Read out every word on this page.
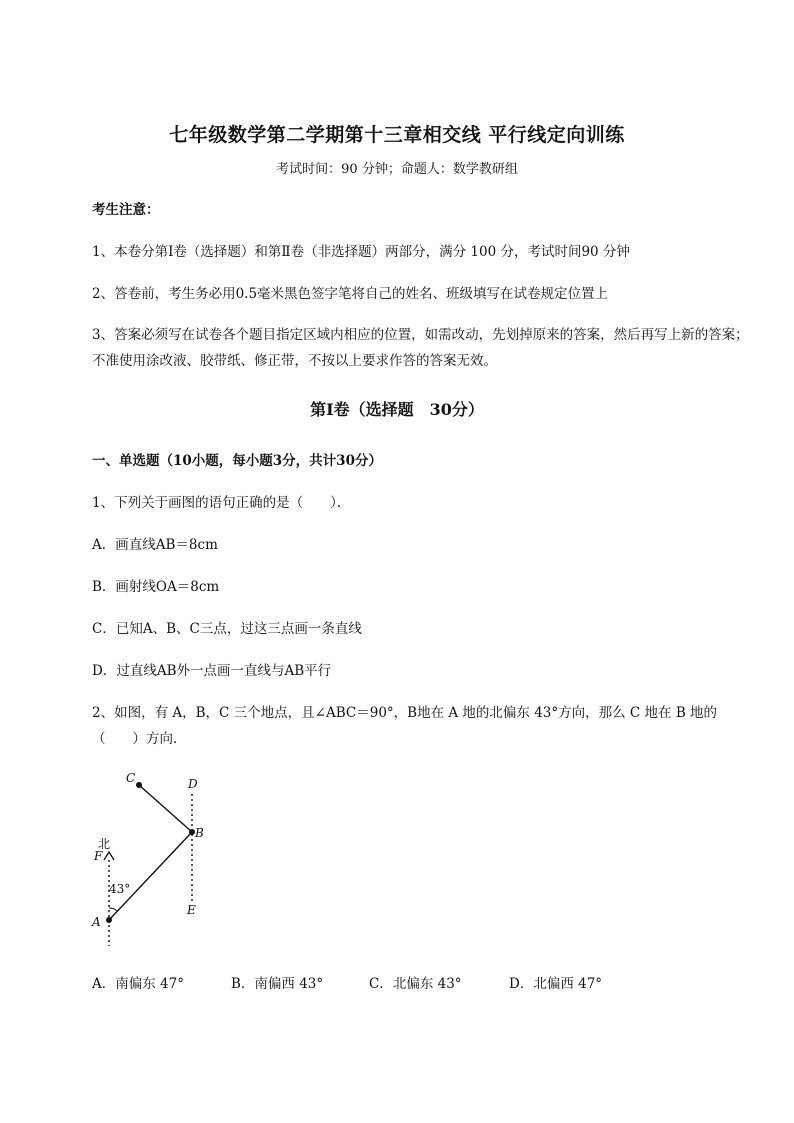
七年级数学第二学期第十三章相交线 平行线定向训练
考试时间：90 分钟；命题人：数学教研组
考生注意：
1、本卷分第Ⅰ卷（选择题）和第Ⅱ卷（非选择题）两部分，满分 100 分，考试时间90 分钟
2、答卷前，考生务必用0.5毫米黑色签字笔将自己的姓名、班级填写在试卷规定位置上
3、答案必须写在试卷各个题目指定区域内相应的位置，如需改动，先划掉原来的答案，然后再写上新的答案；不准使用涂改液、胶带纸、修正带，不按以上要求作答的答案无效。
第Ⅰ卷（选择题　30分）
一、单选题（10小题，每小题3分，共计30分）
1、下列关于画图的语句正确的是（　　）．
A．画直线AB＝8cm
B．画射线OA＝8cm
C．已知A、B、C三点，过这三点画一条直线
D．过直线AB外一点画一直线与AB平行
2、如图，有 A，B，C 三个地点，且∠ABC＝90°，B地在 A 地的北偏东 43°方向，那么 C 地在 B 地的
（　　）方向．
C	D
B
北
F
43°
A
E
A．南偏东 47°	B．南偏西 43°	C．北偏东 43°	D．北偏西 47°
